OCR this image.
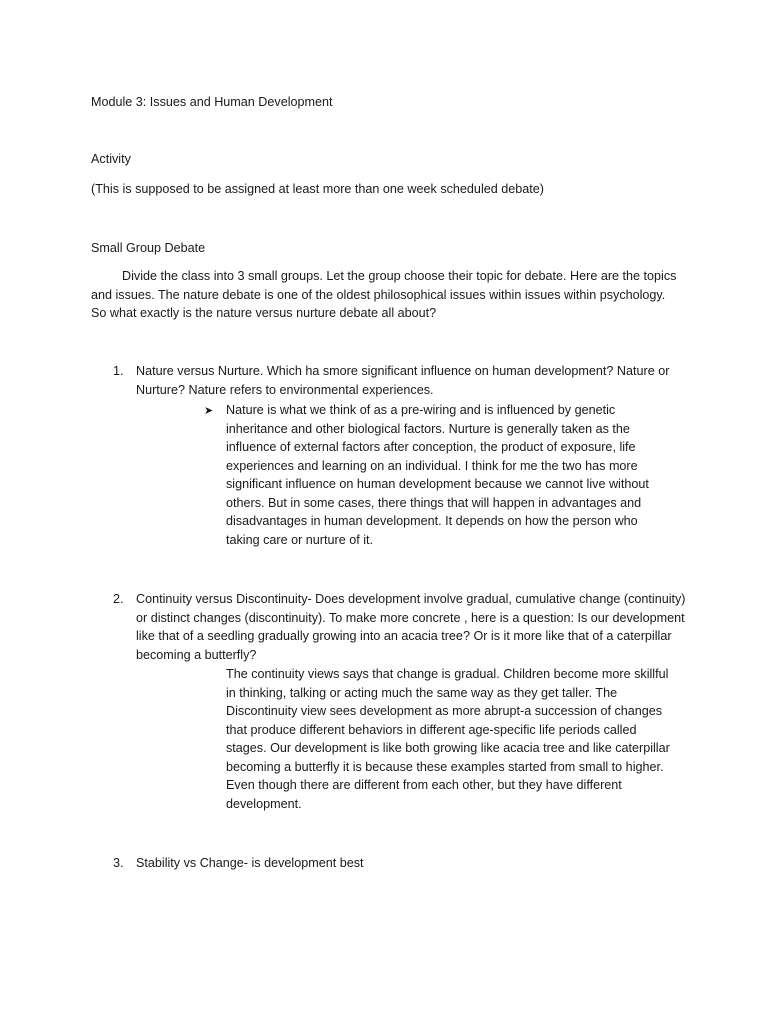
Module 3: Issues and Human Development
Activity
(This is supposed to be assigned at least more than one week scheduled debate)
Small Group Debate
Divide the class into 3 small groups. Let the group choose their topic for debate. Here are the topics and issues. The nature debate is one of the oldest philosophical issues within issues within psychology. So what exactly is the nature versus nurture debate all about?
1. Nature versus Nurture. Which ha smore significant influence on human development? Nature or Nurture? Nature refers to environmental experiences.
➤ Nature is what we think of as a pre-wiring and is influenced by genetic inheritance and other biological factors. Nurture is generally taken as the influence of external factors after conception, the product of exposure, life experiences and learning on an individual. I think for me the two has more significant influence on human development because we cannot live without others. But in some cases, there things that will happen in advantages and disadvantages in human development. It depends on how the person who taking care or nurture of it.
2. Continuity versus Discontinuity- Does development involve gradual, cumulative change (continuity) or distinct changes (discontinuity). To make more concrete , here is a question: Is our development like that of a seedling gradually growing into an acacia tree? Or is it more like that of a caterpillar becoming a butterfly?
The continuity views says that change is gradual. Children become more skillful in thinking, talking or acting much the same way as they get taller. The Discontinuity view sees development as more abrupt-a succession of changes that produce different behaviors in different age-specific life periods called stages. Our development is like both growing like acacia tree and like caterpillar becoming a butterfly it is because these examples started from small to higher. Even though there are different from each other, but they have different development.
3. Stability vs Change- is development best
